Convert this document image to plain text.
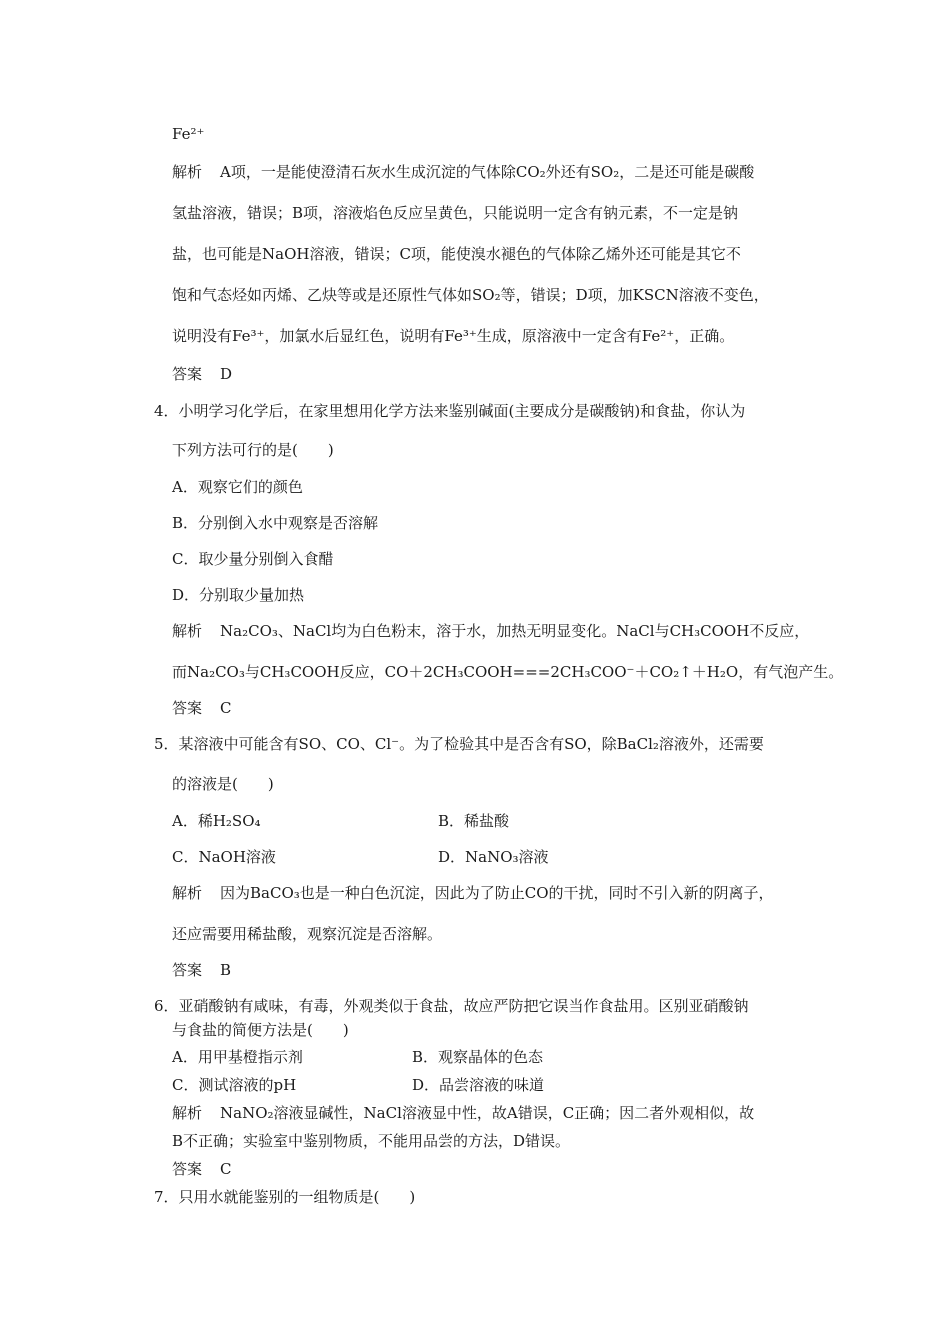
Fe²⁺
解析 A项，一是能使澄清石灰水生成沉淀的气体除CO₂外还有SO₂，二是还可能是碳酸
氢盐溶液，错误；B项，溶液焰色反应呈黄色，只能说明一定含有钠元素，不一定是钠
盐，也可能是NaOH溶液，错误；C项，能使溴水褪色的气体除乙烯外还可能是其它不
饱和气态烃如丙烯、乙炔等或是还原性气体如SO₂等，错误；D项，加KSCN溶液不变色，
说明没有Fe³⁺，加氯水后显红色，说明有Fe³⁺生成，原溶液中一定含有Fe²⁺，正确。
答案 D
4．小明学习化学后，在家里想用化学方法来鉴别碱面(主要成分是碳酸钠)和食盐，你认为
下列方法可行的是(　　)
A．观察它们的颜色
B．分别倒入水中观察是否溶解
C．取少量分别倒入食醋
D．分别取少量加热
解析 Na₂CO₃、NaCl均为白色粉末，溶于水，加热无明显变化。NaCl与CH₃COOH不反应，
而Na₂CO₃与CH₃COOH反应，CO＋2CH₃COOH===2CH₃COO⁻＋CO₂↑＋H₂O，有气泡产生。
答案 C
5．某溶液中可能含有SO、CO、Cl⁻。为了检验其中是否含有SO，除BaCl₂溶液外，还需要
的溶液是(　　)
A．稀H₂SO₄	B．稀盐酸
C．NaOH溶液	D．NaNO₃溶液
解析 因为BaCO₃也是一种白色沉淀，因此为了防止CO的干扰，同时不引入新的阴离子，
还应需要用稀盐酸，观察沉淀是否溶解。
答案 B
6．亚硝酸钠有咸味，有毒，外观类似于食盐，故应严防把它误当作食盐用。区别亚硝酸钠
与食盐的简便方法是(　　)
A．用甲基橙指示剂	B．观察晶体的色态
C．测试溶液的pH	D．品尝溶液的味道
解析 NaNO₂溶液显碱性，NaCl溶液显中性，故A错误，C正确；因二者外观相似，故
B不正确；实验室中鉴别物质，不能用品尝的方法，D错误。
答案 C
7．只用水就能鉴别的一组物质是(　　)
